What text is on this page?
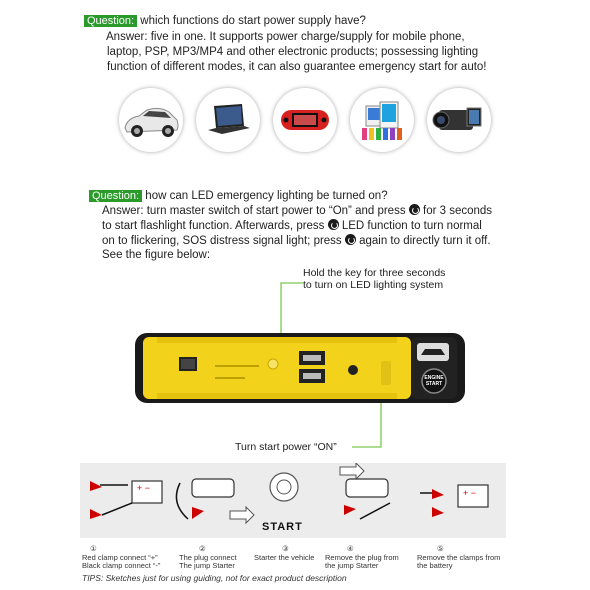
Question: which functions do start power supply have?
Answer: five in one. It supports power charge/supply for mobile phone,
laptop, PSP, MP3/MP4 and other electronic products; possessing lighting
function of different modes, it can also guarantee emergency start for auto!
Question: how can LED emergency lighting be turned on?
Answer: turn master switch of start power to “On” and press for 3 seconds
to start flashlight function. Afterwards, press LED function to turn normal
on to flickering, SOS distress signal light; press again to directly turn it off.
See the figure below:
Hold the key for three seconds
to turn on LED lighting system
ENGINE
START
Turn start power “ON”
+ −	+ −
START
①
Red clamp connect “+”
Black clamp connect “-”
②
The plug connect
The jump Starter
③
Starter the vehicle
④
Remove the plug from
the jump Starter
⑤
Remove the clamps from
the battery
TIPS: Sketches just for using guiding, not for exact product description
